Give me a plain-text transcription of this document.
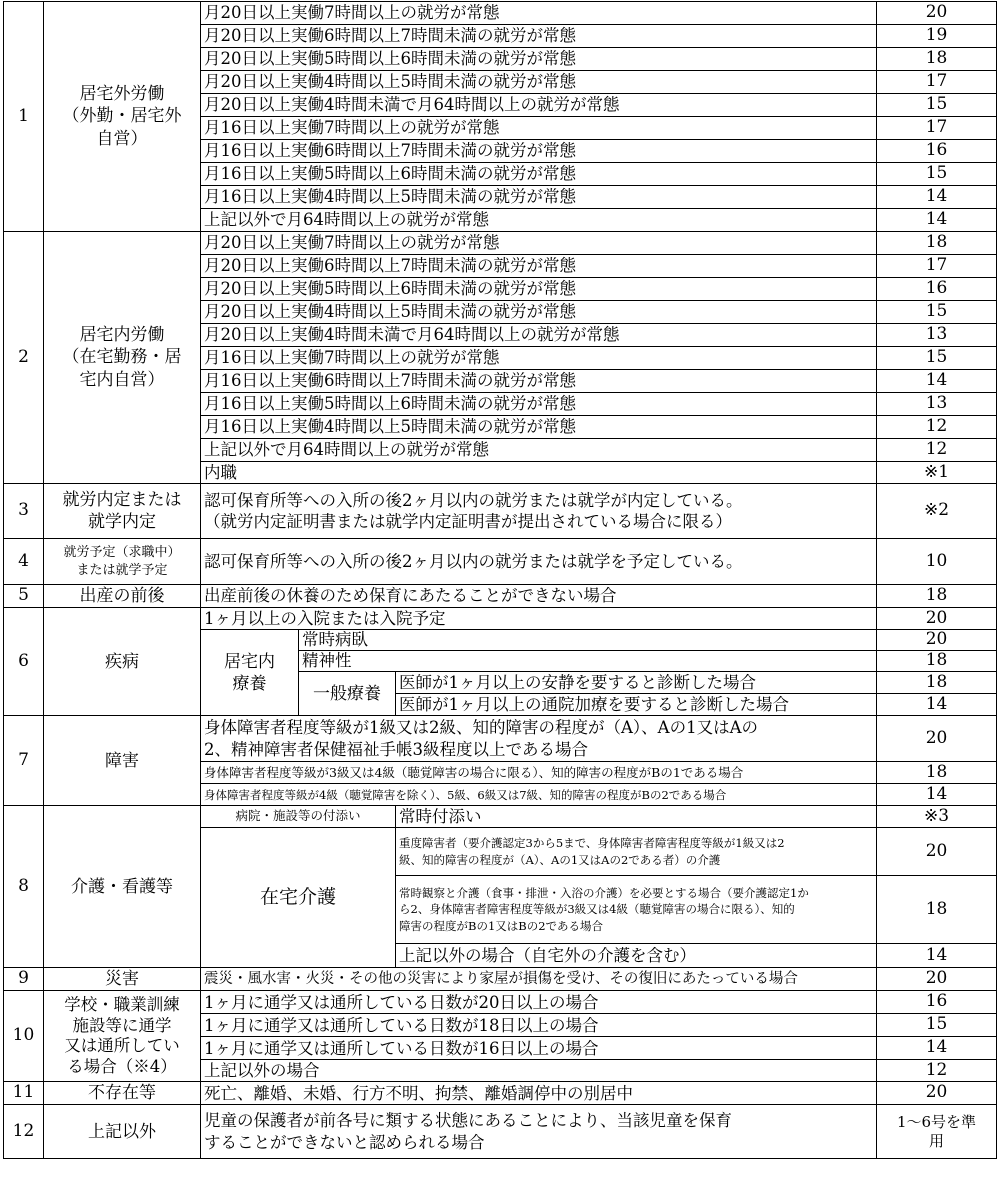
1	居宅外労働
（外勤・居宅外
自営）	月20日以上実働7時間以上の就労が常態			20
		月20日以上実働6時間以上7時間未満の就労が常態			19
		月20日以上実働5時間以上6時間未満の就労が常態			18
		月20日以上実働4時間以上5時間未満の就労が常態			17
		月20日以上実働4時間未満で月64時間以上の就労が常態			15
		月16日以上実働7時間以上の就労が常態			17
		月16日以上実働6時間以上7時間未満の就労が常態			16
		月16日以上実働5時間以上6時間未満の就労が常態			15
		月16日以上実働4時間以上5時間未満の就労が常態			14
		上記以外で月64時間以上の就労が常態			14
2	居宅内労働
（在宅勤務・居
宅内自営）	月20日以上実働7時間以上の就労が常態			18
		月20日以上実働6時間以上7時間未満の就労が常態			17
		月20日以上実働5時間以上6時間未満の就労が常態			16
		月20日以上実働4時間以上5時間未満の就労が常態			15
		月20日以上実働4時間未満で月64時間以上の就労が常態			13
		月16日以上実働7時間以上の就労が常態			15
		月16日以上実働6時間以上7時間未満の就労が常態			14
		月16日以上実働5時間以上6時間未満の就労が常態			13
		月16日以上実働4時間以上5時間未満の就労が常態			12
		上記以外で月64時間以上の就労が常態			12
		内職			※1
3	就労内定または
就学内定	認可保育所等への入所の後2ヶ月以内の就労または就学が内定している。
（就労内定証明書または就学内定証明書が提出されている場合に限る）			※2
4	就労予定（求職中）
または就学予定	認可保育所等への入所の後2ヶ月以内の就労または就学を予定している。			10
5	出産の前後	出産前後の休養のため保育にあたることができない場合			18
6	疾病	1ヶ月以上の入院または入院予定			20
		居宅内
療養	常時病臥		20
			精神性		18
			一般療養	医師が1ヶ月以上の安静を要すると診断した場合	18
				医師が1ヶ月以上の通院加療を要すると診断した場合	14
7	障害	身体障害者程度等級が1級又は2級、知的障害の程度が（A）、Aの1又はAの
2、精神障害者保健福祉手帳3級程度以上である場合			20
		身体障害者程度等級が3級又は4級（聴覚障害の場合に限る）、知的障害の程度がBの1である場合			18
		身体障害者程度等級が4級（聴覚障害を除く）、5級、6級又は7級、知的障害の程度がBの2である場合			14
8	介護・看護等	病院・施設等の付添い		常時付添い	※3
		在宅介護		重度障害者（要介護認定3から5まで、身体障害者障害程度等級が1級又は2
級、知的障害の程度が（A）、Aの1又はAの2である者）の介護	20
				常時観察と介護（食事・排泄・入浴の介護）を必要とする場合（要介護認定1か
ら2、身体障害者障害程度等級が3級又は4級（聴覚障害の場合に限る）、知的
障害の程度がBの1又はBの2である場合	18
				上記以外の場合（自宅外の介護を含む）	14
9	災害	震災・風水害・火災・その他の災害により家屋が損傷を受け、その復旧にあたっている場合			20
10	学校・職業訓練
施設等に通学
又は通所してい
る場合（※4）	1ヶ月に通学又は通所している日数が20日以上の場合			16
		1ヶ月に通学又は通所している日数が18日以上の場合			15
		1ヶ月に通学又は通所している日数が16日以上の場合			14
		上記以外の場合			12
11	不存在等	死亡、離婚、未婚、行方不明、拘禁、離婚調停中の別居中			20
12	上記以外	児童の保護者が前各号に類する状態にあることにより、当該児童を保育
することができないと認められる場合			1～6号を準
用
